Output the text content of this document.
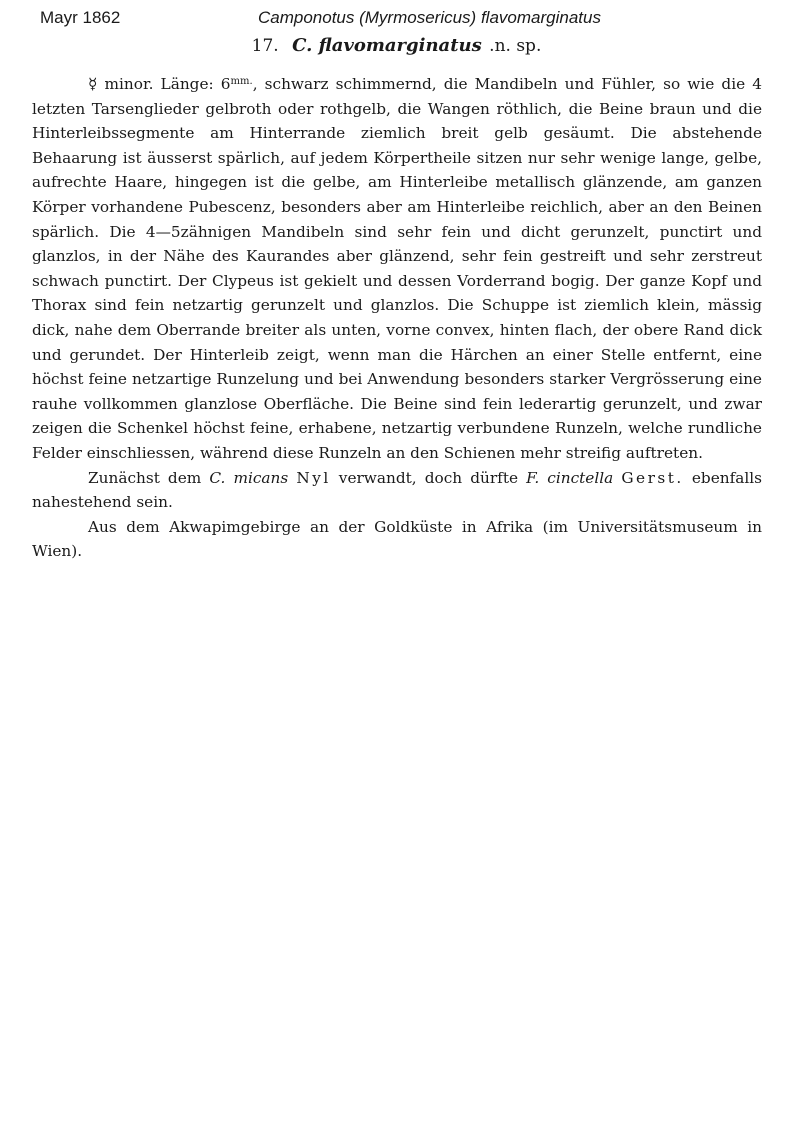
Mayr 1862	Camponotus (Myrmosericus) flavomarginatus
17. C. flavomarginatus .n. sp.

☿ minor. Länge: $6^{mm.}$, schwarz schimmernd, die Mandibeln und Fühler, so wie die 4 letzten Tarsenglieder gelbroth oder rothgelb, die Wangen röthlich, die Beine braun und die Hinterleibssegmente am Hinterrande ziemlich breit gelb gesäumt. Die abstehende Behaarung ist äusserst spärlich, auf jedem Körpertheile sitzen nur sehr wenige lange, gelbe, aufrechte Haare, hingegen ist die gelbe, am Hinterleibe metallisch glänzende, am ganzen Körper vorhandene Pubescenz, besonders aber am Hinterleibe reichlich, aber an den Beinen spärlich. Die 4—5zähnigen Mandibeln sind sehr fein und dicht gerunzelt, punctirt und glanzlos, in der Nähe des Kaurandes aber glänzend, sehr fein gestreift und sehr zerstreut schwach punctirt. Der Clypeus ist gekielt und dessen Vorderrand bogig. Der ganze Kopf und Thorax sind fein netzartig gerunzelt und glanzlos. Die Schuppe ist ziemlich klein, mässig dick, nahe dem Oberrande breiter als unten, vorne convex, hinten flach, der obere Rand dick und gerundet. Der Hinterleib zeigt, wenn man die Härchen an einer Stelle entfernt, eine höchst feine netzartige Runzelung und bei Anwendung besonders starker Vergrösserung eine rauhe vollkommen glanzlose Oberfläche. Die Beine sind fein lederartig gerunzelt, und zwar zeigen die Schenkel höchst feine, erhabene, netzartig verbundene Runzeln, welche rundliche Felder einschliessen, während diese Runzeln an den Schienen mehr streifig auftreten.

Zunächst dem C. micans Nyl verwandt, doch dürfte F. cinctella Gerst. ebenfalls nahestehend sein.

Aus dem Akwapimgebirge an der Goldküste in Afrika (im Universitätsmuseum in Wien).
